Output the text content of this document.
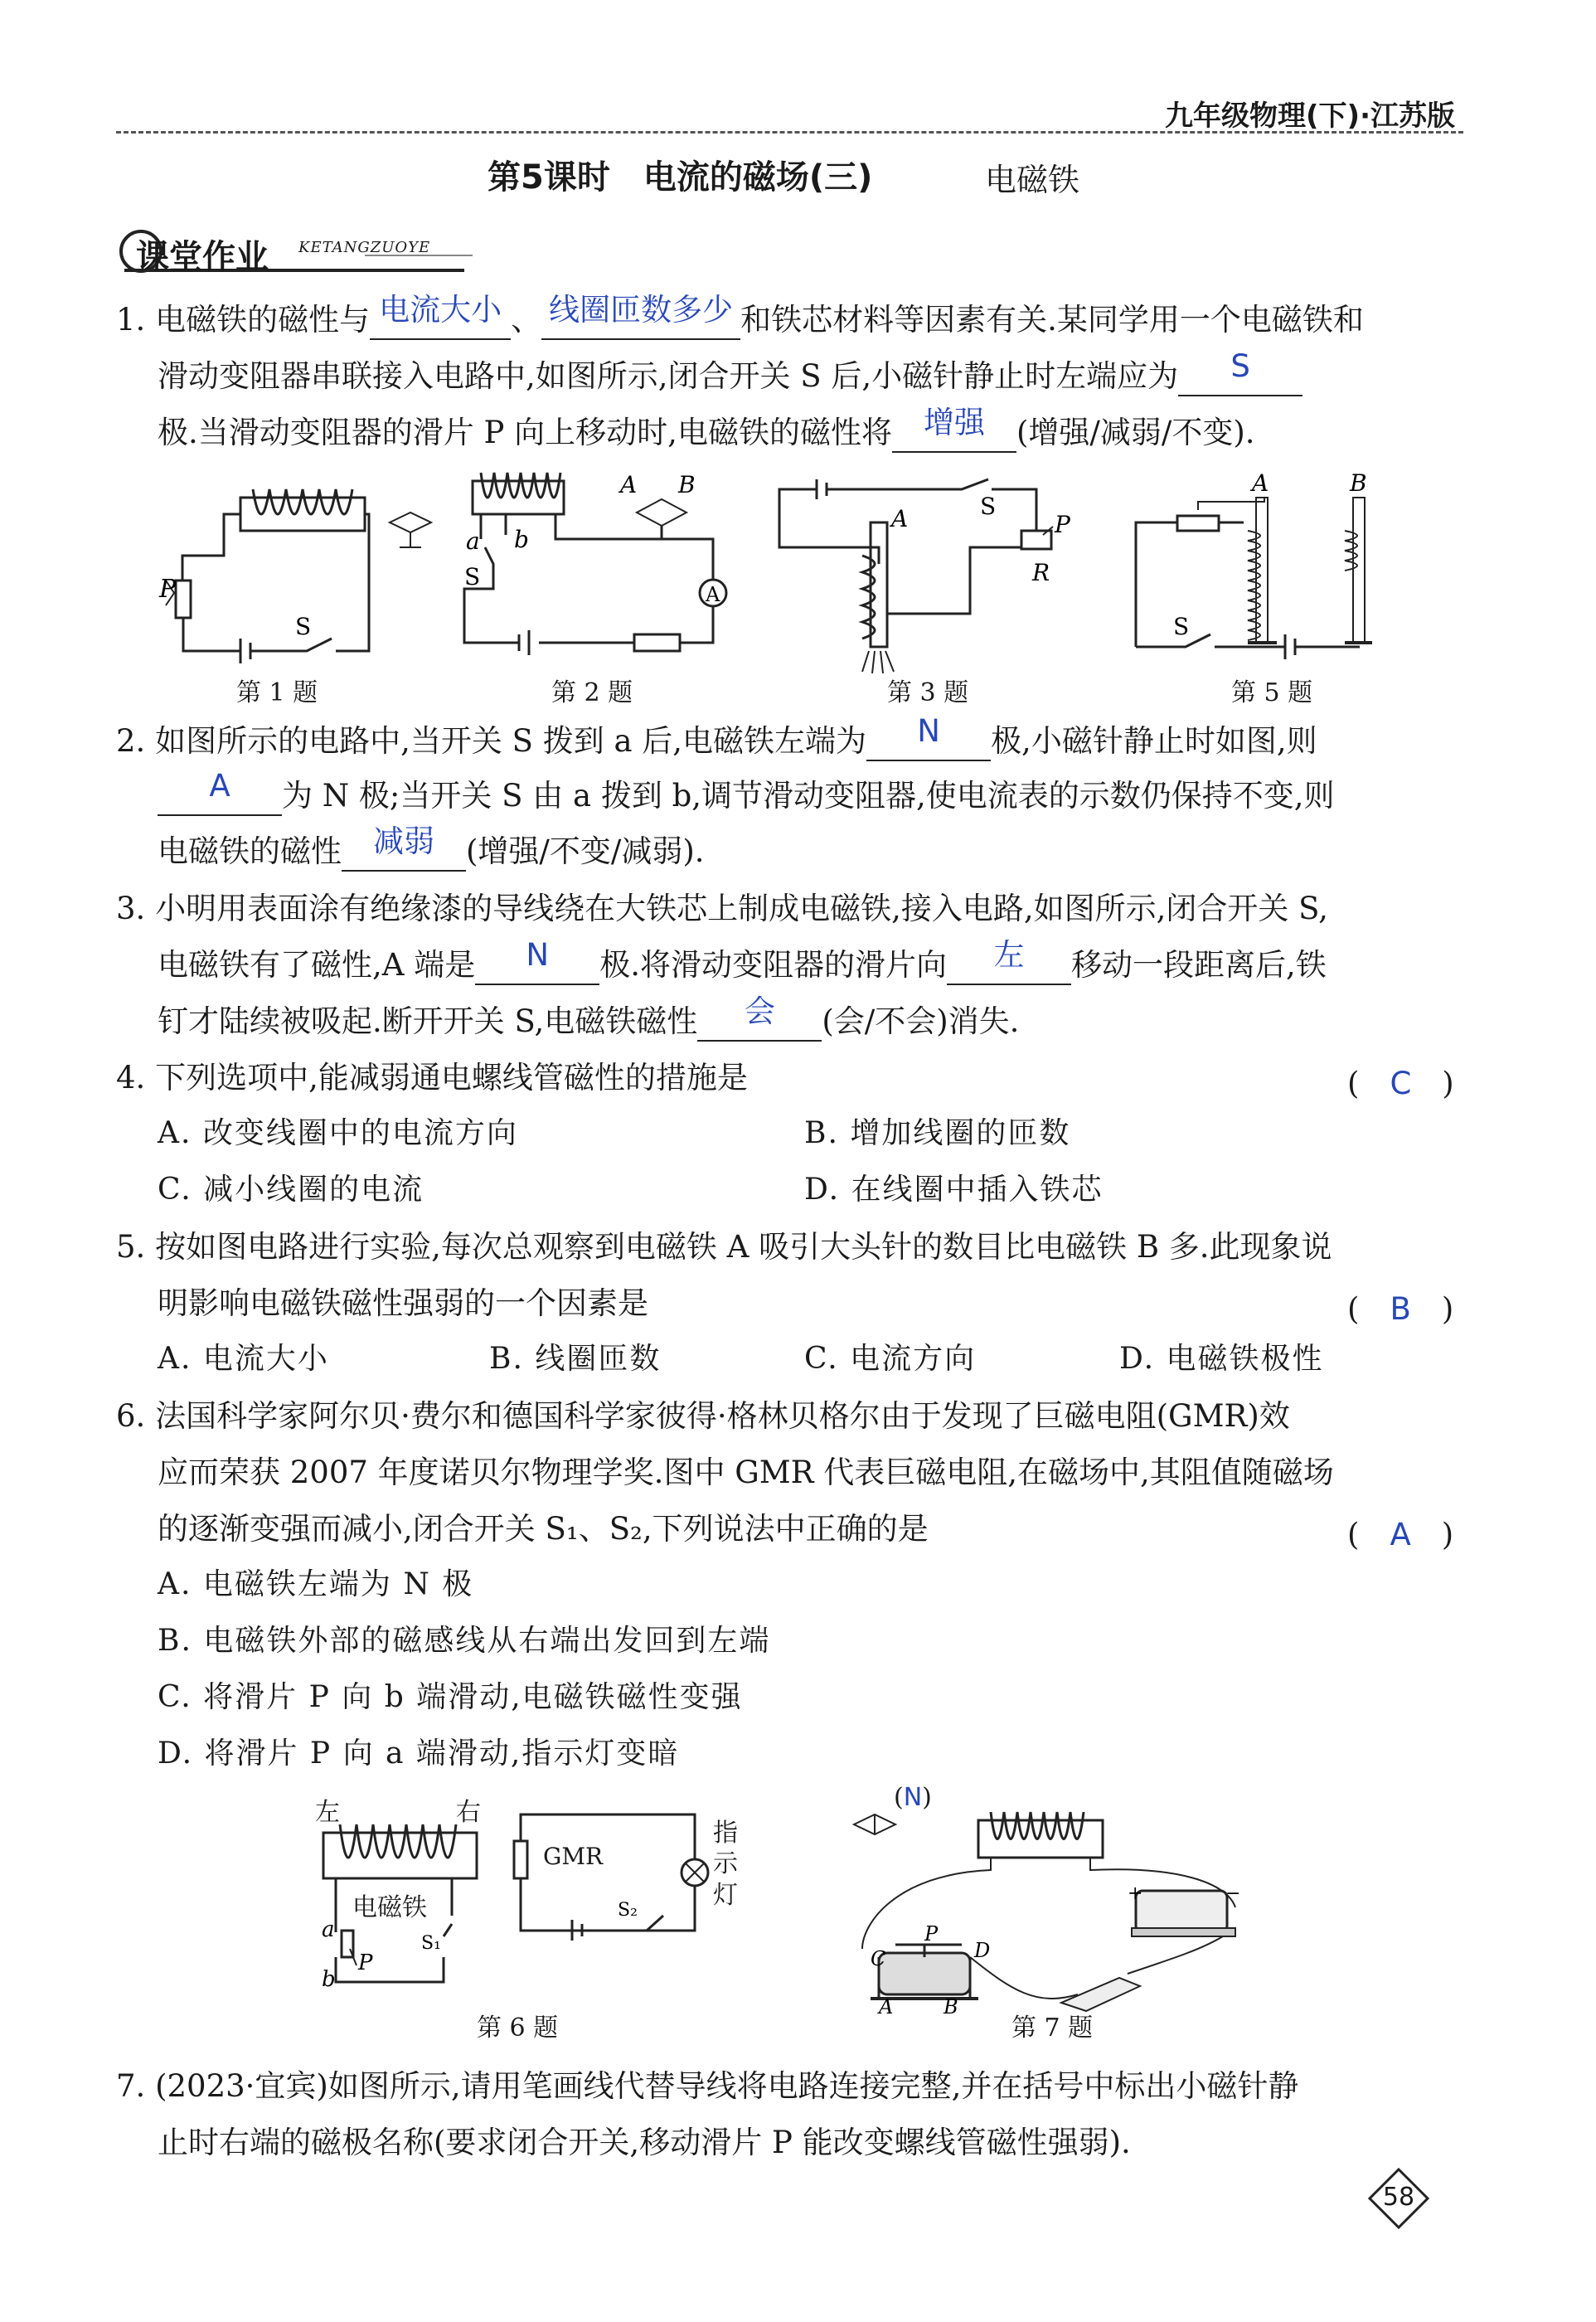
九年级物理(下)·江苏版
第5课时　电流的磁场(三)	电磁铁
课堂作业 KETANGZUOYE
1. 电磁铁的磁性与 电流大小 、 线圈匝数多少 和铁芯材料等因素有关.某同学用一个电磁铁和
滑动变阻器串联接入电路中,如图所示,闭合开关 S 后,小磁针静止时左端应为 S
极.当滑动变阻器的滑片 P 向上移动时,电磁铁的磁性将 增强 (增强/减弱/不变).
P
S
第 1 题
A
a b
S
A B
第 2 题
P
R
A	S
第 3 题
A	B
S
第 5 题
2. 如图所示的电路中,当开关 S 拨到 a 后,电磁铁左端为 N 极,小磁针静止时如图,则
A 为 N 极;当开关 S 由 a 拨到 b,调节滑动变阻器,使电流表的示数仍保持不变,则
电磁铁的磁性 减弱 (增强/不变/减弱).
3. 小明用表面涂有绝缘漆的导线绕在大铁芯上制成电磁铁,接入电路,如图所示,闭合开关 S,
电磁铁有了磁性,A 端是 N 极.将滑动变阻器的滑片向 左 移动一段距离后,铁
钉才陆续被吸起.断开开关 S,电磁铁磁性 会 (会/不会)消失.
4. 下列选项中,能减弱通电螺线管磁性的措施是	(　C　)
A. 改变线圈中的电流方向	B. 增加线圈的匝数
C. 减小线圈的电流	D. 在线圈中插入铁芯
5. 按如图电路进行实验,每次总观察到电磁铁 A 吸引大头针的数目比电磁铁 B 多.此现象说
明影响电磁铁磁性强弱的一个因素是	(　B　)
A. 电流大小	B. 线圈匝数	C. 电流方向	D. 电磁铁极性
6. 法国科学家阿尔贝·费尔和德国科学家彼得·格林贝格尔由于发现了巨磁电阻(GMR)效
应而荣获 2007 年度诺贝尔物理学奖.图中 GMR 代表巨磁电阻,在磁场中,其阻值随磁场
的逐渐变强而减小,闭合开关 S₁、S₂,下列说法中正确的是	(　A　)
A. 电磁铁左端为 N 极
B. 电磁铁外部的磁感线从右端出发回到左端
C. 将滑片 P 向 b 端滑动,电磁铁磁性变强
D. 将滑片 P 向 a 端滑动,指示灯变暗
a
b
P
S₁
S₂
左	右
电磁铁
GMR
指
示
灯
第 6 题
+	−
C
P
D
A	B
(N)
第 7 题
7. (2023·宜宾)如图所示,请用笔画线代替导线将电路连接完整,并在括号中标出小磁针静
止时右端的磁极名称(要求闭合开关,移动滑片 P 能改变螺线管磁性强弱).
58
